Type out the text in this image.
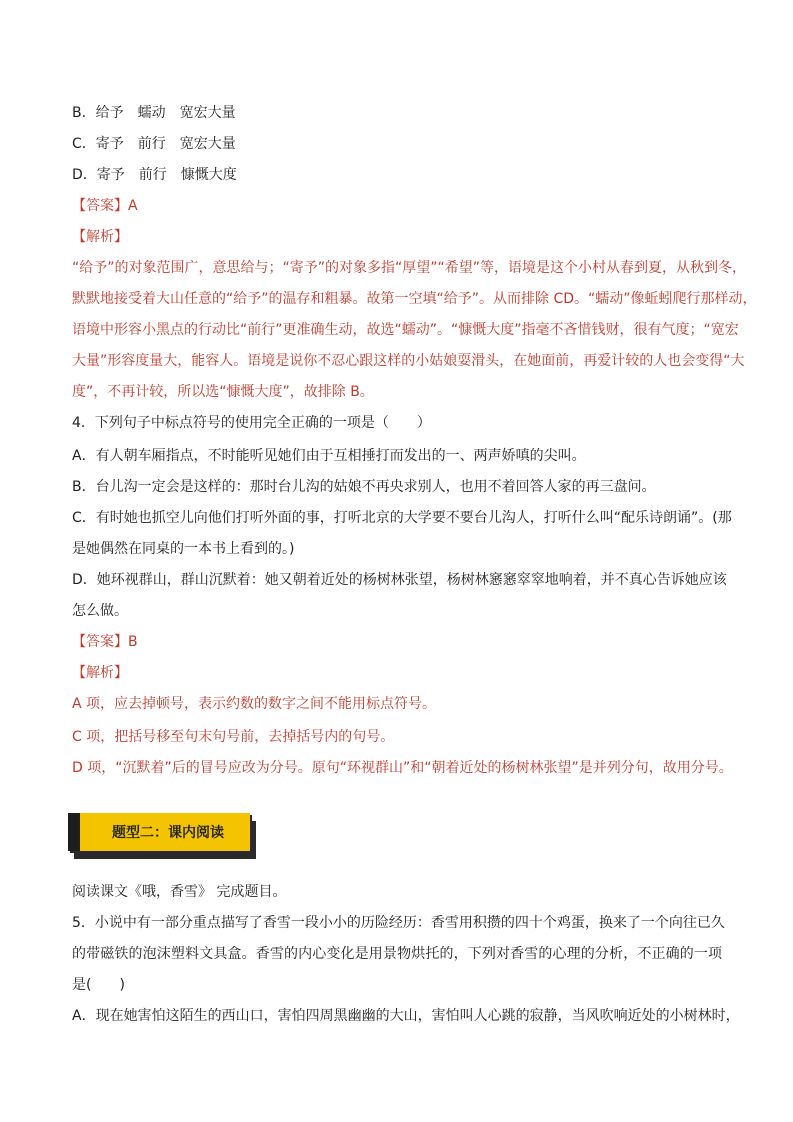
B．给予　蠕动　宽宏大量
C．寄予　前行　宽宏大量
D．寄予　前行　慷慨大度
【答案】A
【解析】
“给予”的对象范围广，意思给与；“寄予”的对象多指“厚望”“希望”等，语境是这个小村从春到夏，从秋到冬，
默默地接受着大山任意的“给予”的温存和粗暴。故第一空填“给予”。从而排除 CD。“蠕动”像蚯蚓爬行那样动，
语境中形容小黑点的行动比“前行”更准确生动，故选“蠕动”。“慷慨大度”指毫不吝惜钱财，很有气度；“宽宏
大量”形容度量大，能容人。语境是说你不忍心跟这样的小姑娘耍滑头，在她面前，再爱计较的人也会变得“大
度”，不再计较，所以选“慷慨大度”，故排除 B。
4．下列句子中标点符号的使用完全正确的一项是（　　）
A．有人朝车厢指点，不时能听见她们由于互相捶打而发出的一、两声娇嗔的尖叫。
B．台儿沟一定会是这样的：那时台儿沟的姑娘不再央求别人，也用不着回答人家的再三盘问。
C．有时她也抓空儿向他们打听外面的事，打听北京的大学要不要台儿沟人，打听什么叫“配乐诗朗诵”。(那
是她偶然在同桌的一本书上看到的。)
D．她环视群山，群山沉默着：她又朝着近处的杨树林张望，杨树林窸窸窣窣地响着，并不真心告诉她应该
怎么做。
【答案】B
【解析】
A 项，应去掉顿号，表示约数的数字之间不能用标点符号。
C 项，把括号移至句末句号前，去掉括号内的句号。
D 项，“沉默着”后的冒号应改为分号。原句“环视群山”和“朝着近处的杨树林张望”是并列分句，故用分号。
题型二：课内阅读
阅读课文《哦，香雪》 完成题目。
5．小说中有一部分重点描写了香雪一段小小的历险经历：香雪用积攒的四十个鸡蛋，换来了一个向往已久
的带磁铁的泡沫塑料文具盒。香雪的内心变化是用景物烘托的，下列对香雪的心理的分析，不正确的一项
是(　　)
A．现在她害怕这陌生的西山口，害怕四周黑幽幽的大山，害怕叫人心跳的寂静，当风吹响近处的小树林时，
